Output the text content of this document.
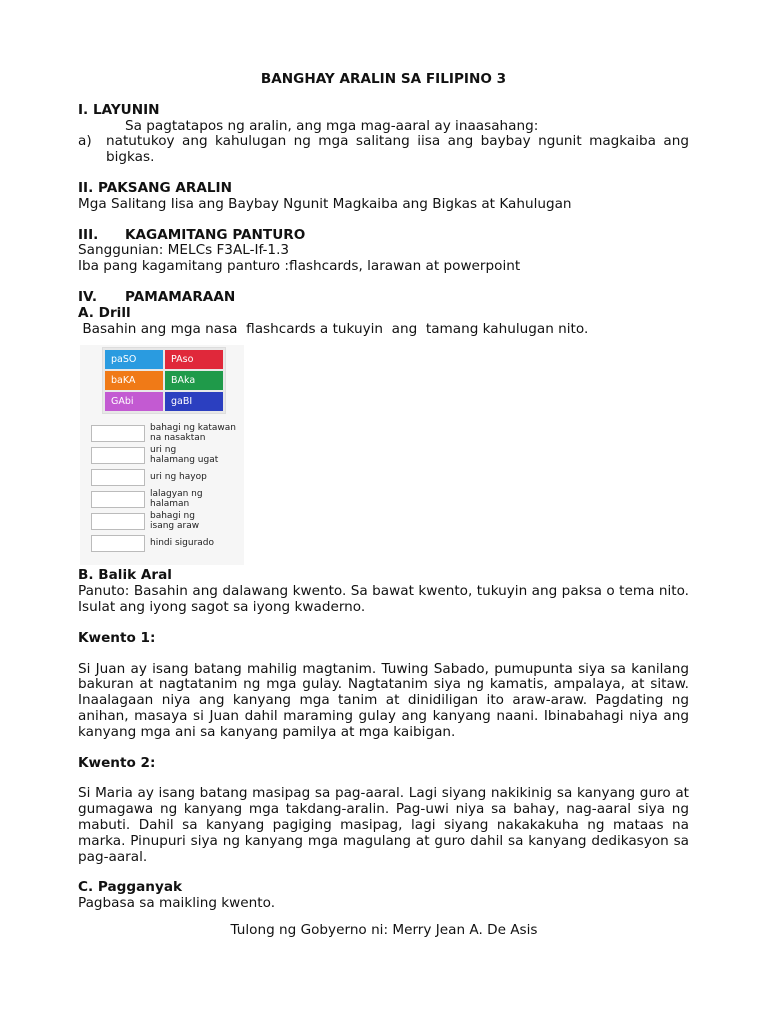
BANGHAY ARALIN SA FILIPINO 3
I. LAYUNIN
Sa pagtatapos ng aralin, ang mga mag-aaral ay inaasahang:
a)	natutukoy ang kahulugan ng mga salitang iisa ang baybay ngunit magkaiba ang bigkas.
II. PAKSANG ARALIN
Mga Salitang Iisa ang Baybay Ngunit Magkaiba ang Bigkas at Kahulugan
III. KAGAMITANG PANTURO
Sanggunian: MELCs F3AL-If-1.3
Iba pang kagamitang panturo :flashcards, larawan at powerpoint
IV. PAMAMARAAN
A. Drill
Basahin ang mga nasa  flashcards a tukuyin  ang  tamang kahulugan nito.
paSO	PAso
baKA	BAka
GAbi	gaBI
bahagi ng katawan
na nasaktan
uri ng
halamang ugat
uri ng hayop
lalagyan ng
halaman
bahagi ng
isang araw
hindi sigurado
B. Balik Aral
Panuto: Basahin ang dalawang kwento. Sa bawat kwento, tukuyin ang paksa o tema nito. Isulat ang iyong sagot sa iyong kwaderno.
Kwento 1:
Si Juan ay isang batang mahilig magtanim. Tuwing Sabado, pumupunta siya sa kanilang bakuran at nagtatanim ng mga gulay. Nagtatanim siya ng kamatis, ampalaya, at sitaw. Inaalagaan niya ang kanyang mga tanim at dinidiligan ito araw-araw. Pagdating ng anihan, masaya si Juan dahil maraming gulay ang kanyang naani. Ibinabahagi niya ang kanyang mga ani sa kanyang pamilya at mga kaibigan.
Kwento 2:
Si Maria ay isang batang masipag sa pag-aaral. Lagi siyang nakikinig sa kanyang guro at gumagawa ng kanyang mga takdang-aralin. Pag-uwi niya sa bahay, nag-aaral siya ng mabuti. Dahil sa kanyang pagiging masipag, lagi siyang nakakakuha ng mataas na marka. Pinupuri siya ng kanyang mga magulang at guro dahil sa kanyang dedikasyon sa pag-aaral.
C. Pagganyak
Pagbasa sa maikling kwento.
Tulong ng Gobyerno ni: Merry Jean A. De Asis
